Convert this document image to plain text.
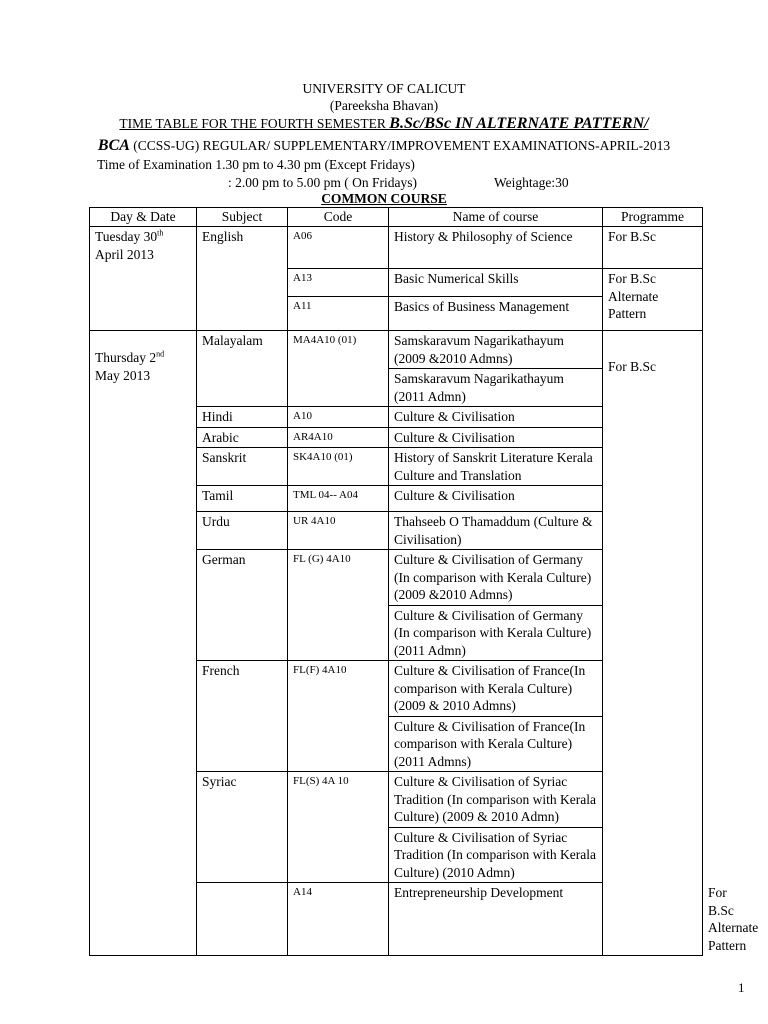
UNIVERSITY OF CALICUT
(Pareeksha Bhavan)
TIME TABLE FOR THE FOURTH SEMESTER B.Sc/BSc IN ALTERNATE PATTERN/
BCA (CCSS-UG) REGULAR/ SUPPLEMENTARY/IMPROVEMENT EXAMINATIONS-APRIL-2013
Time of Examination 1.30 pm to 4.30 pm (Except Fridays)
: 2.00 pm to 5.00 pm ( On Fridays)	Weightage:30
COMMON COURSE
Day & Date	Subject	Code	Name of course	Programme	
Tuesday 30th
April 2013	English	A06	History & Philosophy of Science	For B.Sc	
		A13	Basic Numerical Skills	For B.Sc Alternate Pattern	
		A11	Basics of Business Management		
Thursday 2nd
May 2013	Malayalam	MA4A10 (01)	Samskaravum Nagarikathayum (2009 &2010 Admns)	For B.Sc	
			Samskaravum Nagarikathayum (2011 Admn)		
	Hindi	A10	Culture & Civilisation		
	Arabic	AR4A10	Culture & Civilisation		
	Sanskrit	SK4A10 (01)	History of Sanskrit Literature Kerala Culture and Translation		
	Tamil	TML 04-- A04	Culture & Civilisation		
	Urdu	UR 4A10	Thahseeb O Thamaddum (Culture & Civilisation)		
	German	FL (G) 4A10	Culture & Civilisation of Germany (In comparison with Kerala Culture)(2009 &2010 Admns)		
			Culture & Civilisation of Germany (In comparison with Kerala Culture)(2011 Admn)		
	French	FL(F) 4A10	Culture & Civilisation of France(In comparison with Kerala Culture)(2009 & 2010 Admns)		
			Culture & Civilisation of France(In comparison with Kerala Culture)(2011 Admns)		
	Syriac	FL(S) 4A 10	Culture & Civilisation of Syriac Tradition (In comparison with Kerala Culture) (2009 & 2010 Admn)		
			Culture & Civilisation of Syriac Tradition (In comparison with Kerala Culture) (2010 Admn)		
		A14	Entrepreneurship Development		For B.Sc Alternate Pattern
1
